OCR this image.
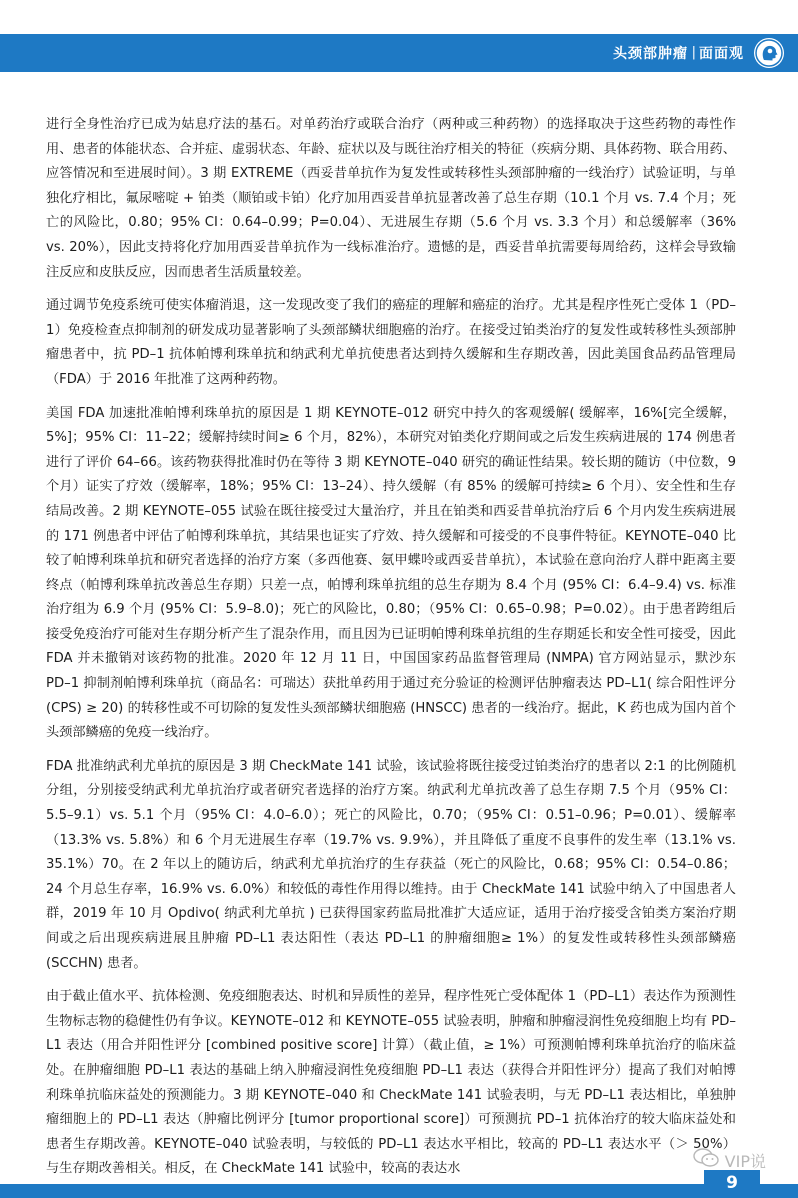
头颈部肿瘤 | 面面观

进行全身性治疗已成为姑息疗法的基石。对单药治疗或联合治疗（两种或三种药物）的选择取决于这些药物的毒性作用、患者的体能状态、合并症、虚弱状态、年龄、症状以及与既往治疗相关的特征（疾病分期、具体药物、联合用药、应答情况和至进展时间）。3 期 EXTREME（西妥昔单抗作为复发性或转移性头颈部肿瘤的一线治疗）试验证明，与单独化疗相比，氟尿嘧啶 + 铂类（顺铂或卡铂）化疗加用西妥昔单抗显著改善了总生存期（10.1 个月 vs. 7.4 个月；死亡的风险比，0.80；95% CI：0.64–0.99；P=0.04）、无进展生存期（5.6 个月 vs. 3.3 个月）和总缓解率（36% vs. 20%），因此支持将化疗加用西妥昔单抗作为一线标准治疗。遗憾的是，西妥昔单抗需要每周给药，这样会导致输注反应和皮肤反应，因而患者生活质量较差。

通过调节免疫系统可使实体瘤消退，这一发现改变了我们的癌症的理解和癌症的治疗。尤其是程序性死亡受体 1（PD–1）免疫检查点抑制剂的研发成功显著影响了头颈部鳞状细胞癌的治疗。在接受过铂类治疗的复发性或转移性头颈部肿瘤患者中，抗 PD–1 抗体帕博利珠单抗和纳武利尤单抗使患者达到持久缓解和生存期改善，因此美国食品药品管理局（FDA）于 2016 年批准了这两种药物。

美国 FDA 加速批准帕博利珠单抗的原因是 1 期 KEYNOTE–012 研究中持久的客观缓解( 缓解率，16%[完全缓解，5%]；95% CI：11–22；缓解持续时间≥ 6 个月，82%），本研究对铂类化疗期间或之后发生疾病进展的 174 例患者进行了评价 64–66。该药物获得批准时仍在等待 3 期 KEYNOTE–040 研究的确证性结果。较长期的随访（中位数，9 个月）证实了疗效（缓解率，18%；95% CI：13–24）、持久缓解（有 85% 的缓解可持续≥ 6 个月）、安全性和生存结局改善。2 期 KEYNOTE–055 试验在既往接受过大量治疗，并且在铂类和西妥昔单抗治疗后 6 个月内发生疾病进展的 171 例患者中评估了帕博利珠单抗，其结果也证实了疗效、持久缓解和可接受的不良事件特征。KEYNOTE–040 比较了帕博利珠单抗和研究者选择的治疗方案（多西他赛、氨甲蝶呤或西妥昔单抗），本试验在意向治疗人群中距离主要终点（帕博利珠单抗改善总生存期）只差一点，帕博利珠单抗组的总生存期为 8.4 个月 (95% CI：6.4–9.4) vs. 标准治疗组为 6.9 个月 (95% CI：5.9–8.0)；死亡的风险比，0.80；（95% CI：0.65–0.98；P=0.02）。由于患者跨组后接受免疫治疗可能对生存期分析产生了混杂作用，而且因为已证明帕博利珠单抗组的生存期延长和安全性可接受，因此 FDA 并未撤销对该药物的批准。2020 年 12 月 11 日，中国国家药品监督管理局 (NMPA) 官方网站显示，默沙东 PD–1 抑制剂帕博利珠单抗（商品名：可瑞达）获批单药用于通过充分验证的检测评估肿瘤表达 PD–L1( 综合阳性评分 (CPS) ≥ 20) 的转移性或不可切除的复发性头颈部鳞状细胞癌 (HNSCC) 患者的一线治疗。据此，K 药也成为国内首个头颈部鳞癌的免疫一线治疗。

FDA 批准纳武利尤单抗的原因是 3 期 CheckMate 141 试验，该试验将既往接受过铂类治疗的患者以 2:1 的比例随机分组，分别接受纳武利尤单抗治疗或者研究者选择的治疗方案。纳武利尤单抗改善了总生存期 7.5 个月（95% CI：5.5–9.1）vs. 5.1 个月（95% CI：4.0–6.0）；死亡的风险比，0.70；（95% CI：0.51–0.96；P=0.01）、缓解率（13.3% vs. 5.8%）和 6 个月无进展生存率（19.7% vs. 9.9%），并且降低了重度不良事件的发生率（13.1% vs. 35.1%）70。在 2 年以上的随访后，纳武利尤单抗治疗的生存获益（死亡的风险比，0.68；95% CI：0.54–0.86；24 个月总生存率，16.9% vs. 6.0%）和较低的毒性作用得以维持。由于 CheckMate 141 试验中纳入了中国患者人群，2019 年 10 月 Opdivo( 纳武利尤单抗 ) 已获得国家药监局批准扩大适应证，适用于治疗接受含铂类方案治疗期间或之后出现疾病进展且肿瘤 PD–L1 表达阳性（表达 PD–L1 的肿瘤细胞≥ 1%）的复发性或转移性头颈部鳞癌 (SCCHN) 患者。

由于截止值水平、抗体检测、免疫细胞表达、时机和异质性的差异，程序性死亡受体配体 1（PD–L1）表达作为预测性生物标志物的稳健性仍有争议。KEYNOTE–012 和 KEYNOTE–055 试验表明，肿瘤和肿瘤浸润性免疫细胞上均有 PD–L1 表达（用合并阳性评分 [combined positive score] 计算）（截止值，≥ 1%）可预测帕博利珠单抗治疗的临床益处。在肿瘤细胞 PD–L1 表达的基础上纳入肿瘤浸润性免疫细胞 PD–L1 表达（获得合并阳性评分）提高了我们对帕博利珠单抗临床益处的预测能力。3 期 KEYNOTE–040 和 CheckMate 141 试验表明，与无 PD–L1 表达相比，单独肿瘤细胞上的 PD–L1 表达（肿瘤比例评分 [tumor proportional score]）可预测抗 PD–1 抗体治疗的较大临床益处和患者生存期改善。KEYNOTE–040 试验表明，与较低的 PD–L1 表达水平相比，较高的 PD–L1 表达水平（＞ 50%）与生存期改善相关。相反，在 CheckMate 141 试验中，较高的表达水	VIP说
9
